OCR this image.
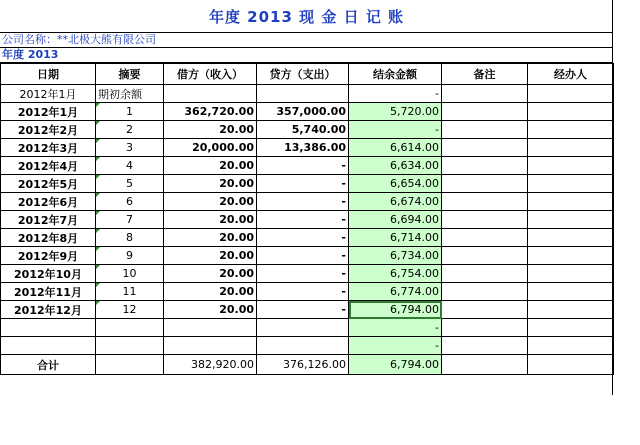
年度 2013 现 金 日 记 账
公司名称：**北极大熊有限公司
年度 2013
日期	摘要	借方（收入）	贷方（支出）	结余金额	备注	经办人
2012年1月	期初余额			-		
2012年1月	1	362,720.00	357,000.00	5,720.00		
2012年2月	2	20.00	5,740.00	-		
2012年3月	3	20,000.00	13,386.00	6,614.00		
2012年4月	4	20.00	-	6,634.00		
2012年5月	5	20.00	-	6,654.00		
2012年6月	6	20.00	-	6,674.00		
2012年7月	7	20.00	-	6,694.00		
2012年8月	8	20.00	-	6,714.00		
2012年9月	9	20.00	-	6,734.00		
2012年10月	10	20.00	-	6,754.00		
2012年11月	11	20.00	-	6,774.00		
2012年12月	12	20.00	-	6,794.00		
				-		
				-		
合计		382,920.00	376,126.00	6,794.00		
